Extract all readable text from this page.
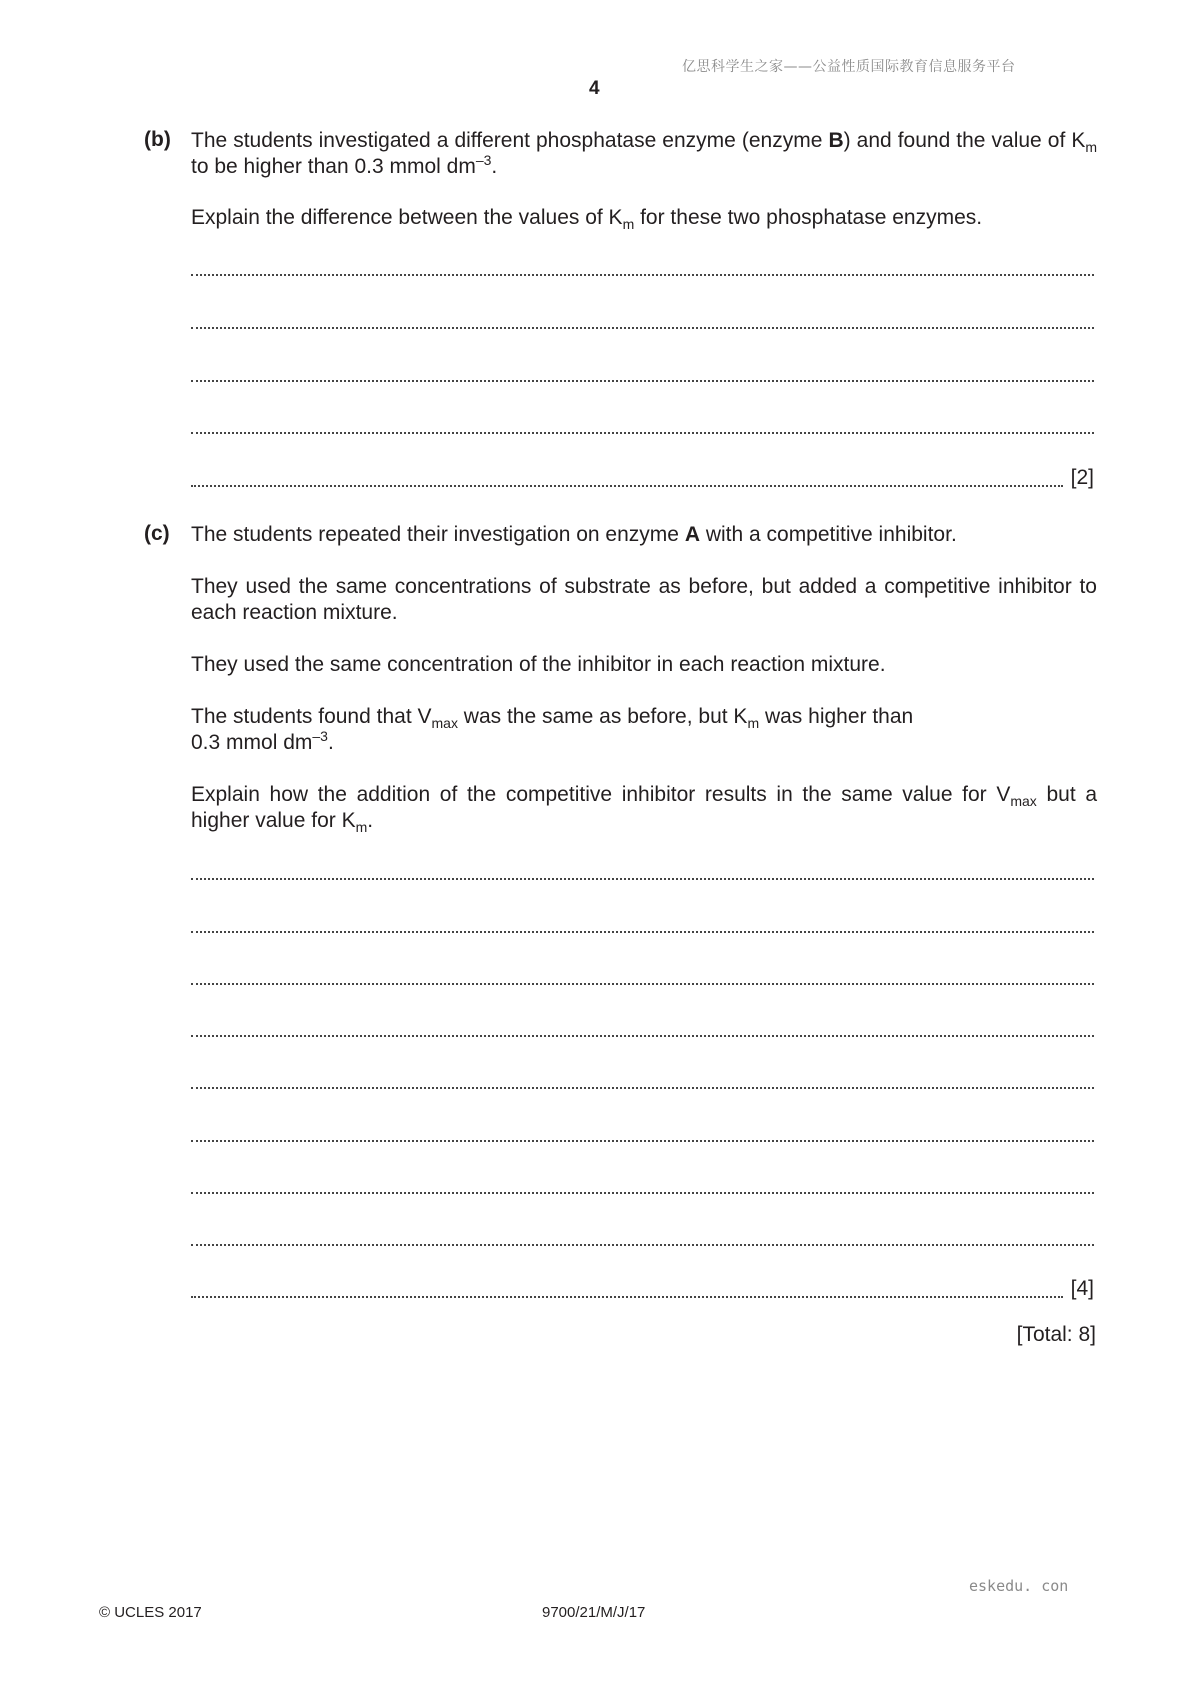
亿思科学生之家——公益性质国际教育信息服务平台
4
(b) The students investigated a different phosphatase enzyme (enzyme B) and found the value of $K_m$ to be higher than 0.3 mmol $dm^{-3}$.
Explain the difference between the values of $K_m$ for these two phosphatase enzymes.
[2]
(c) The students repeated their investigation on enzyme A with a competitive inhibitor.
They used the same concentrations of substrate as before, but added a competitive inhibitor to each reaction mixture.
They used the same concentration of the inhibitor in each reaction mixture.
The students found that $V_{max}$ was the same as before, but $K_m$ was higher than
0.3 mmol $dm^{-3}$.
Explain how the addition of the competitive inhibitor results in the same value for $V_{max}$ but a higher value for $K_m$.
[4]
[Total: 8]
eskedu. con
© UCLES 2017	9700/21/M/J/17
